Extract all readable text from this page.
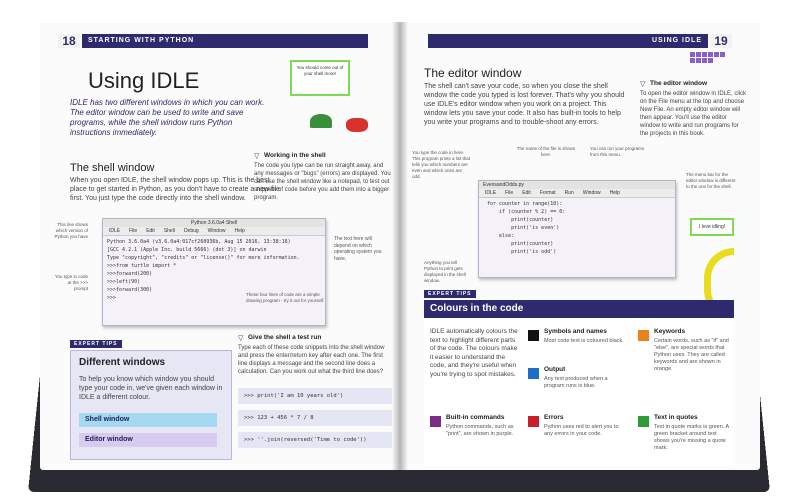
18	STARTING WITH PYTHON
Using IDLE
IDLE has two different windows in which you can work. The editor window can be used to write and save programs, while the shell window runs Python instructions immediately.
You should come out of your shell more!
The shell window
When you open IDLE, the shell window pops up. This is the best place to get started in Python, as you don't have to create a new file first. You just type the code directly into the shell window.
▽ Working in the shell
The code you type can be run straight away, and any messages or "bugs" (errors) are displayed. You can use the shell window like a notepad, to test out snippets of code before you add them into a bigger program.
This line shows which version of Python you have
You type in code at the >>> prompt
Python 3.6.0a4 Shell
IDLE File Edit Shell Debug Window Help
Python 3.6.0a4 (v3.6.0a4:017cf260936b, Aug 15 2016, 13:38:16)
[GCC 4.2.1 (Apple Inc. build 5666) (dot 3)] on darwin
Type "copyright", "credits" or "license()" for more information.
>>>from turtle import *
>>>forward(200)
>>>left(90)
>>>forward(300)
>>>
The text here will depend on which operating system you have.
These four lines of code are a simple drawing program - try it out for yourself.
EXPERT TIPS
Different windows
To help you know which window you should type your code in, we've given each window in IDLE a different colour.
Shell window
Editor window
▽ Give the shell a test run
Type each of these code snippets into the shell window and press the enter/return key after each one. The first line displays a message and the second line does a calculation. Can you work out what the third line does?
>>> print('I am 10 years old')
>>> 123 + 456 * 7 / 8
>>> ''.join(reversed('Time to code'))
USING IDLE	19
The editor window
The shell can't save your code, so when you close the shell window the code you typed is lost forever. That's why you should use IDLE's editor window when you work on a project. This window lets you save your code. It also has built-in tools to help you write your programs and to trouble-shoot any errors.
▽ The editor window
To open the editor window in IDLE, click on the File menu at the top and choose New File. An empty editor window will then appear. You'll use the editor window to write and run programs for the projects in this book.
You type the code in here. This program prints a list that tells you which numbers are even and which ones are odd.
The name of the file is shown here.
You can run your programs from this menu.
The menu bar for the editor window is different to the one for the shell.
EvensandOdds.py
IDLE File Edit Format Run Window Help
for counter in range(10):
if (counter % 2) == 0:
print(counter)
print('is even')
else:
print(counter)
print('is odd')
Anything you tell Python to print gets displayed in the shell window.
I love idling!
EXPERT TIPS
Colours in the code
IDLE automatically colours the text to highlight different parts of the code. The colours make it easier to understand the code, and they're useful when you're trying to spot mistakes.
Symbols and names
Most code text is coloured black.
Keywords
Certain words, such as "if" and "else", are special words that Python uses. They are called keywords and are shown in orange.
Output
Any text produced when a program runs is blue.
Built-in commands
Python commands, such as "print", are shown in purple.
Errors
Python uses red to alert you to any errors in your code.
Text in quotes
Text in quote marks is green. A green bracket around text shows you're missing a quote mark.
